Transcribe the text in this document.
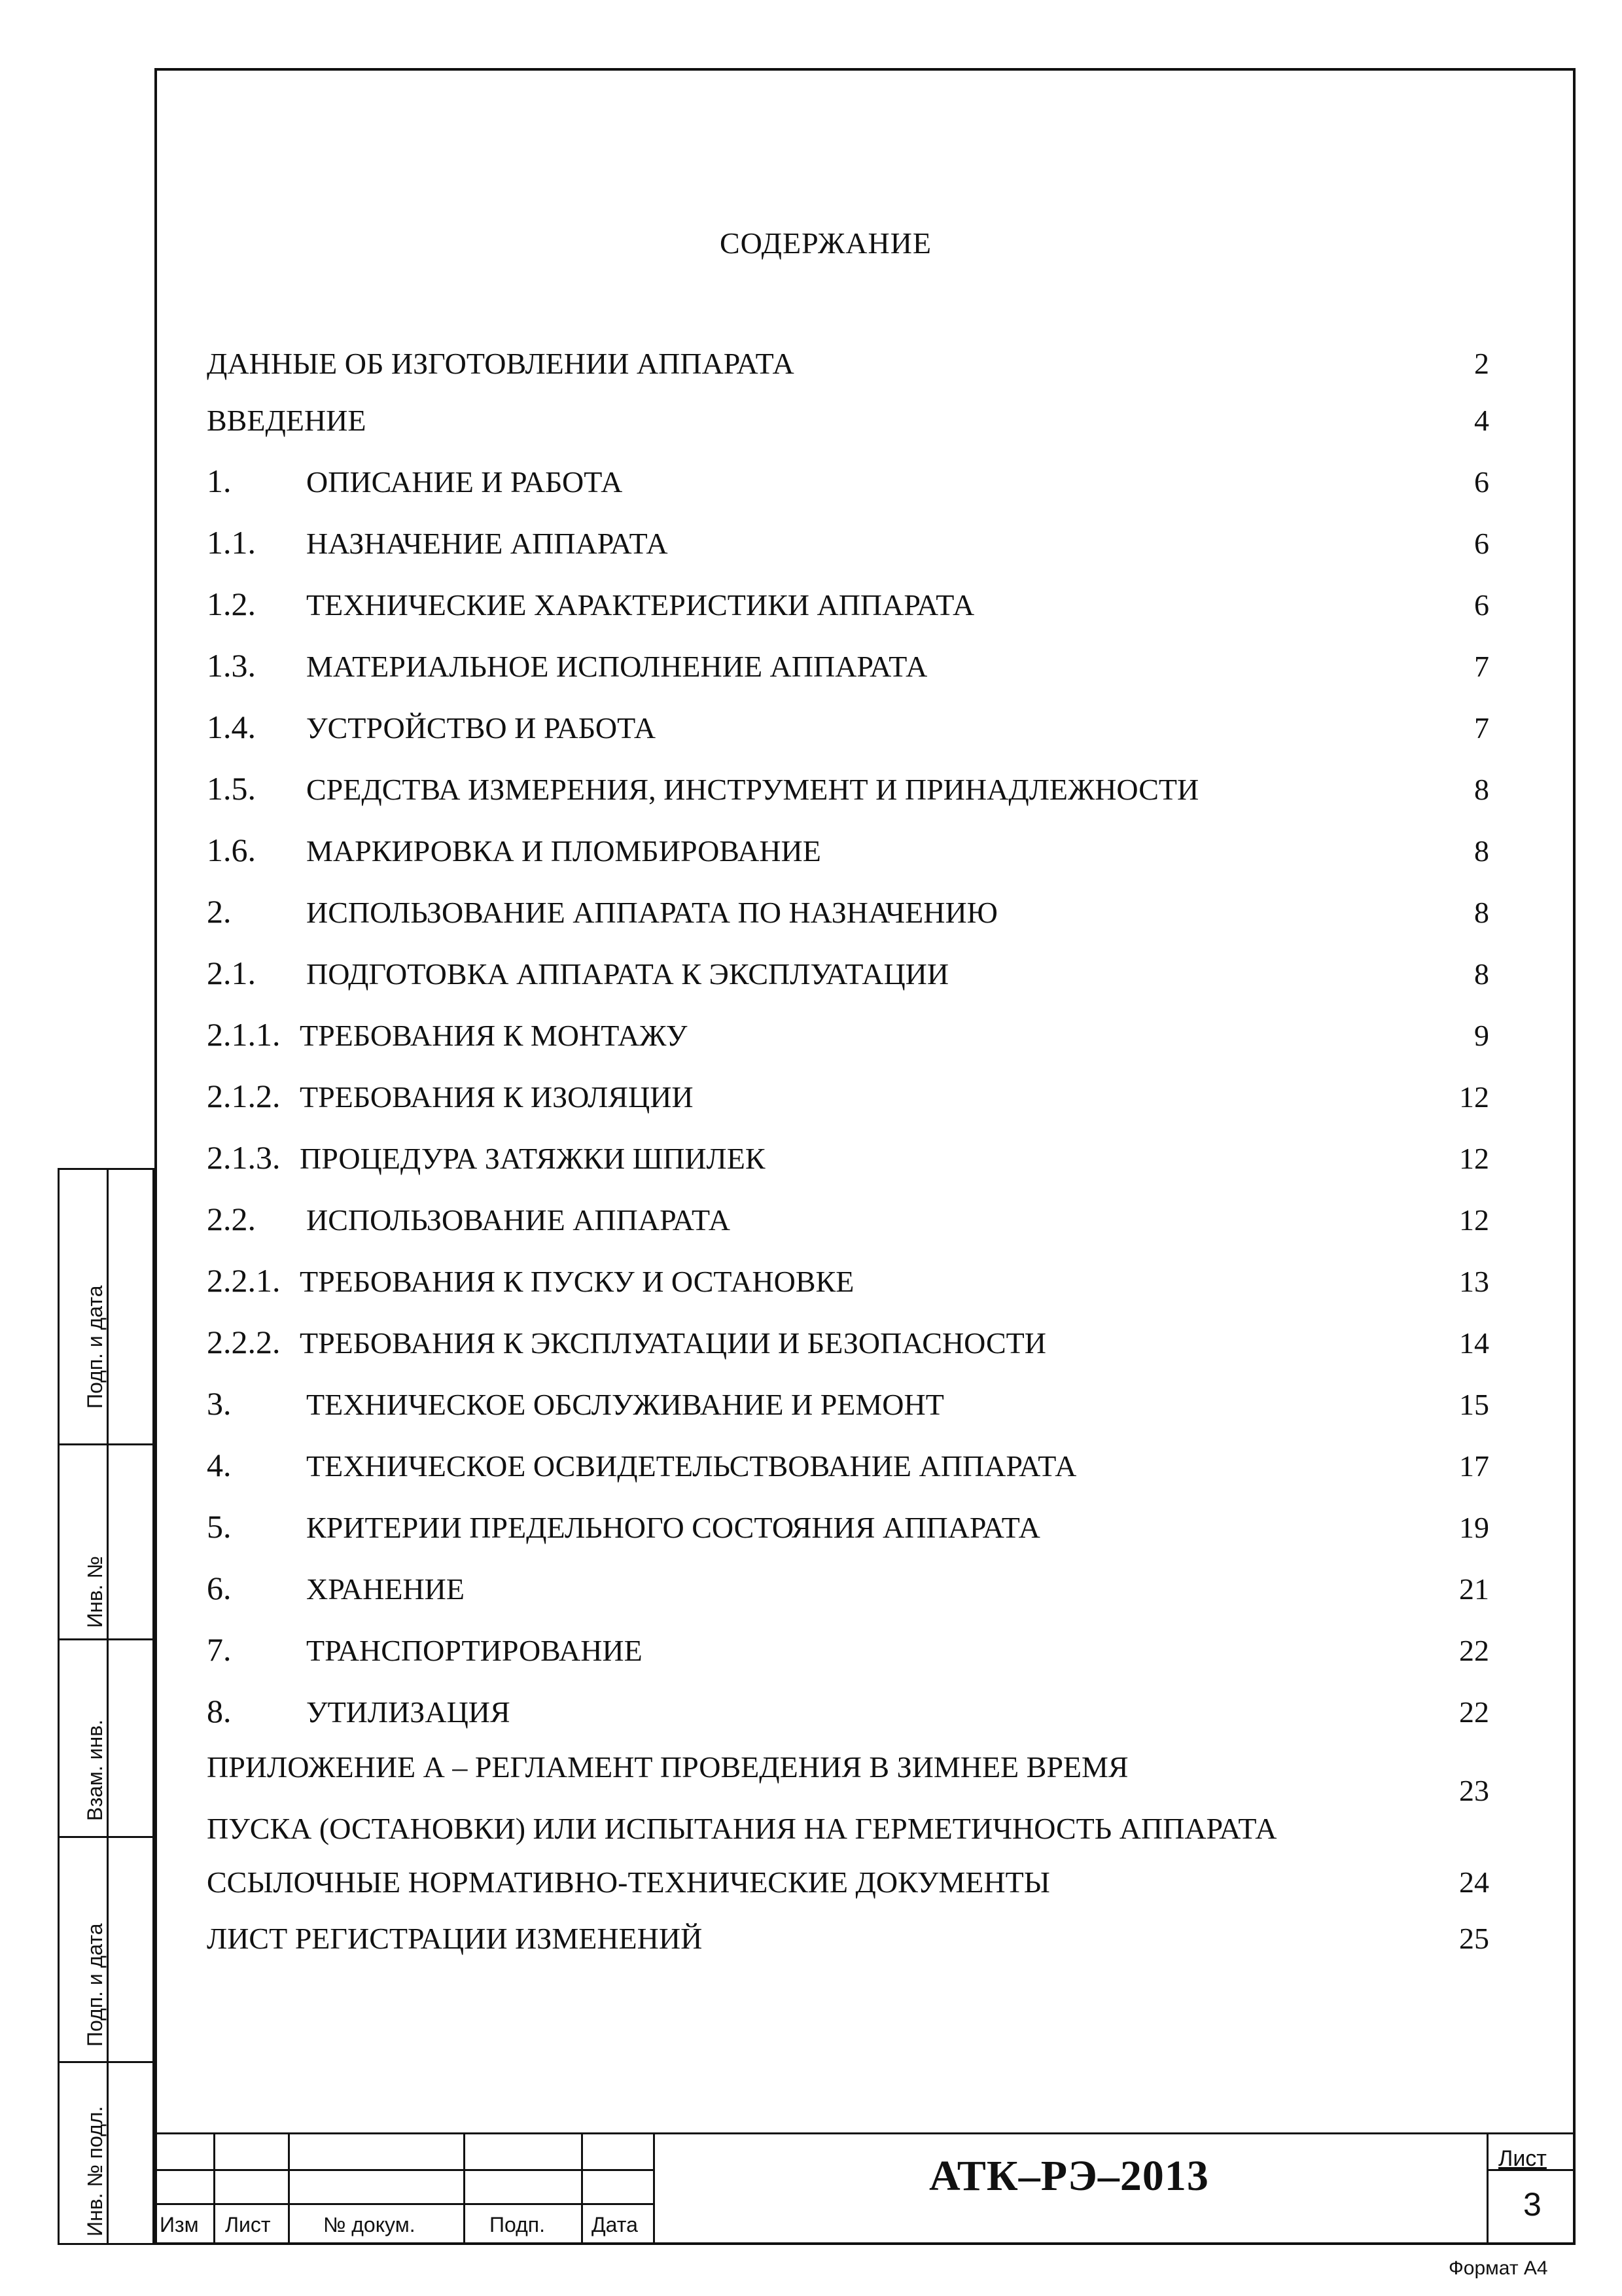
СОДЕРЖАНИЕ
ДАННЫЕ ОБ ИЗГОТОВЛЕНИИ АППАРАТА	2
ВВЕДЕНИЕ	4
1. ОПИСАНИЕ И РАБОТА	6
1.1. НАЗНАЧЕНИЕ АППАРАТА	6
1.2. ТЕХНИЧЕСКИЕ ХАРАКТЕРИСТИКИ АППАРАТА	6
1.3. МАТЕРИАЛЬНОЕ ИСПОЛНЕНИЕ АППАРАТА	7
1.4. УСТРОЙСТВО И РАБОТА	7
1.5. СРЕДСТВА ИЗМЕРЕНИЯ, ИНСТРУМЕНТ И ПРИНАДЛЕЖНОСТИ	8
1.6. МАРКИРОВКА И ПЛОМБИРОВАНИЕ	8
2. ИСПОЛЬЗОВАНИЕ АППАРАТА ПО НАЗНАЧЕНИЮ	8
2.1. ПОДГОТОВКА АППАРАТА К ЭКСПЛУАТАЦИИ	8
2.1.1. ТРЕБОВАНИЯ К МОНТАЖУ	9
2.1.2. ТРЕБОВАНИЯ К ИЗОЛЯЦИИ	12
2.1.3. ПРОЦЕДУРА ЗАТЯЖКИ ШПИЛЕК	12
2.2. ИСПОЛЬЗОВАНИЕ АППАРАТА	12
2.2.1. ТРЕБОВАНИЯ К ПУСКУ И ОСТАНОВКЕ	13
2.2.2. ТРЕБОВАНИЯ К ЭКСПЛУАТАЦИИ И БЕЗОПАСНОСТИ	14
3. ТЕХНИЧЕСКОЕ ОБСЛУЖИВАНИЕ И РЕМОНТ	15
4. ТЕХНИЧЕСКОЕ ОСВИДЕТЕЛЬСТВОВАНИЕ АППАРАТА	17
5. КРИТЕРИИ ПРЕДЕЛЬНОГО СОСТОЯНИЯ АППАРАТА	19
6. ХРАНЕНИЕ	21
7. ТРАНСПОРТИРОВАНИЕ	22
8. УТИЛИЗАЦИЯ	22
ПРИЛОЖЕНИЕ А – РЕГЛАМЕНТ ПРОВЕДЕНИЯ В ЗИМНЕЕ ВРЕМЯ
ПУСКА (ОСТАНОВКИ) ИЛИ ИСПЫТАНИЯ НА ГЕРМЕТИЧНОСТЬ АППАРАТА
23
ССЫЛОЧНЫЕ НОРМАТИВНО-ТЕХНИЧЕСКИЕ ДОКУМЕНТЫ	24
ЛИСТ РЕГИСТРАЦИИ ИЗМЕНЕНИЙ	25
Подп. и дата
Инв. №
Взам. инв.
Подп. и дата
Инв. № подл.	Изм Лист	№ докум.	Подп. Дата
АТК–РЭ–2013	Лист
3
Формат А4
